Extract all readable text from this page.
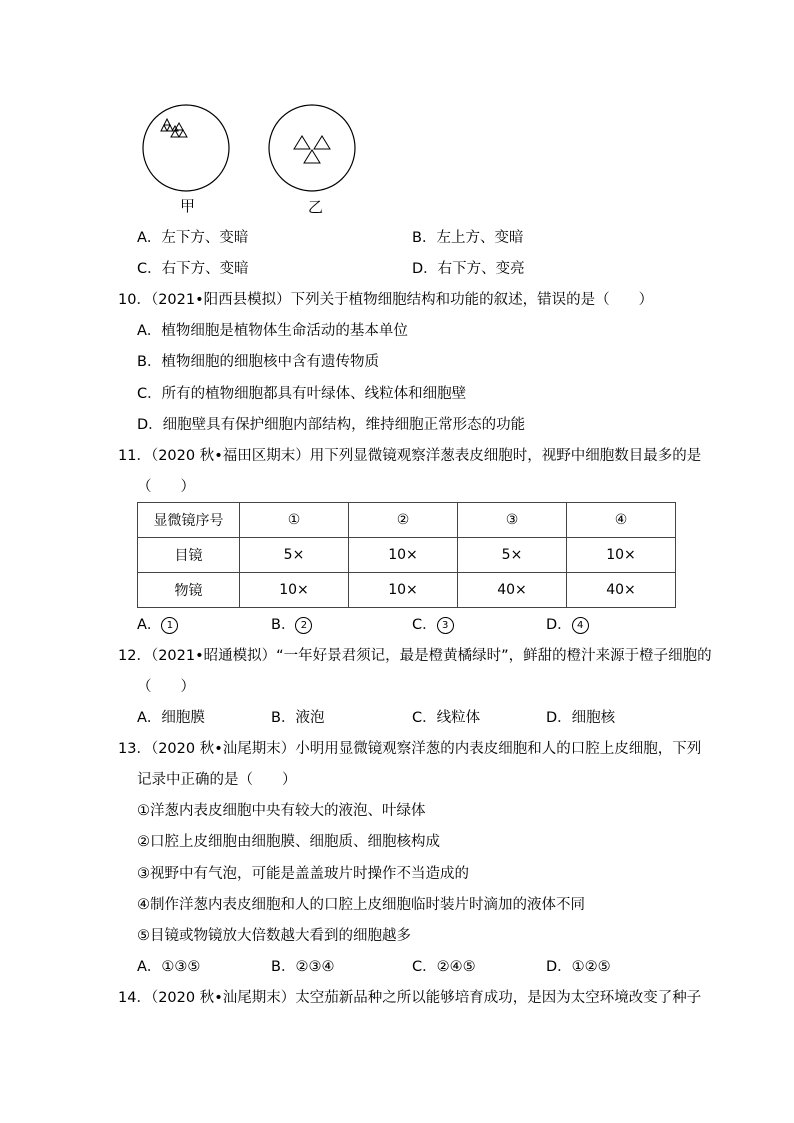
甲	乙
A．左下方、变暗	B．左上方、变暗
C．右下方、变暗	D．右下方、变亮
10．（2021•阳西县模拟）下列关于植物细胞结构和功能的叙述，错误的是（　　）
A．植物细胞是植物体生命活动的基本单位
B．植物细胞的细胞核中含有遗传物质
C．所有的植物细胞都具有叶绿体、线粒体和细胞壁
D．细胞壁具有保护细胞内部结构，维持细胞正常形态的功能
11．（2020 秋•福田区期末）用下列显微镜观察洋葱表皮细胞时，视野中细胞数目最多的是
（　　）
显微镜序号	①	②	③	④
目镜	5×	10×	5×	10×
物镜	10×	10×	40×	40×
A． 1	B． 2	C． 3	D． 4
12．（2021•昭通模拟）“一年好景君须记，最是橙黄橘绿时”，鲜甜的橙汁来源于橙子细胞的
（　　）
A．细胞膜	B．液泡	C．线粒体	D．细胞核
13．（2020 秋•汕尾期末）小明用显微镜观察洋葱的内表皮细胞和人的口腔上皮细胞，下列
记录中正确的是（　　）
①洋葱内表皮细胞中央有较大的液泡、叶绿体
②口腔上皮细胞由细胞膜、细胞质、细胞核构成
③视野中有气泡，可能是盖盖玻片时操作不当造成的
④制作洋葱内表皮细胞和人的口腔上皮细胞临时装片时滴加的液体不同
⑤目镜或物镜放大倍数越大看到的细胞越多
A．①③⑤	B．②③④	C．②④⑤	D．①②⑤
14．（2020 秋•汕尾期末）太空茄新品种之所以能够培育成功，是因为太空环境改变了种子
